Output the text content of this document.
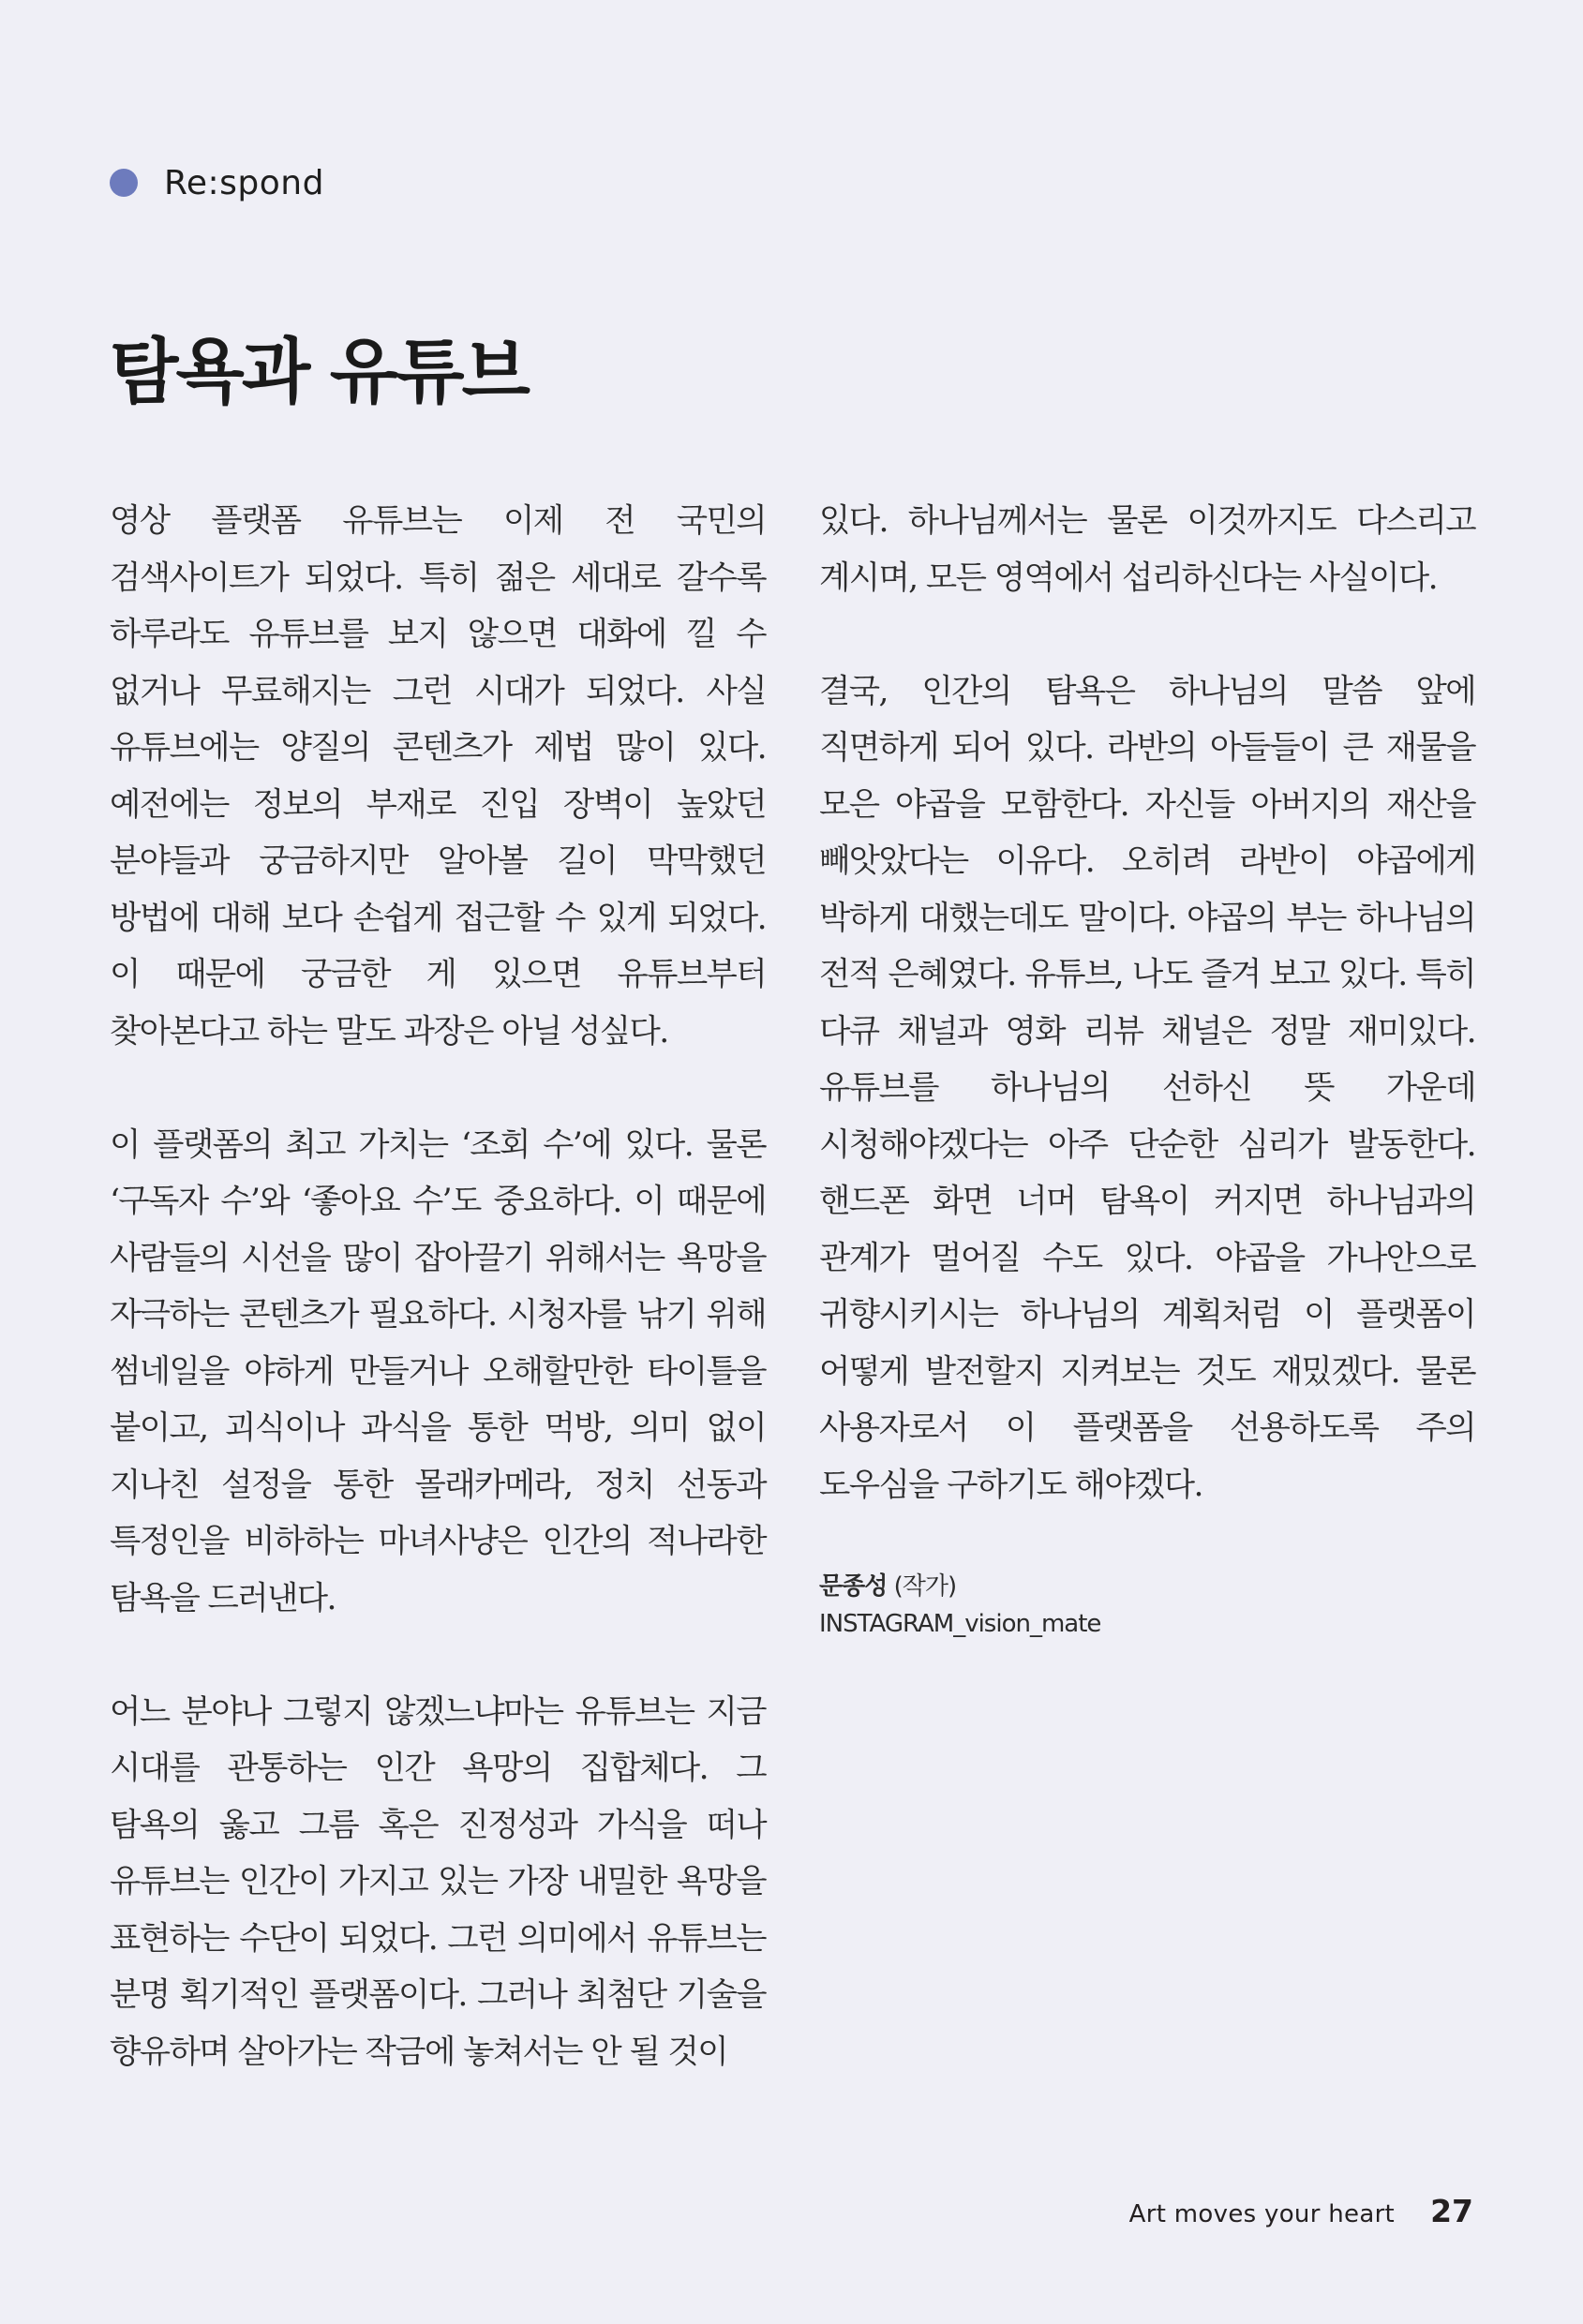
Re:spond
탐욕과 유튜브

영상 플랫폼 유튜브는 이제 전 국민의 검색사이트가 되었다. 특히 젊은 세대로 갈수록 하루라도 유튜브를 보지 않으면 대화에 낄 수 없거나 무료해지는 그런 시대가 되었다. 사실 유튜브에는 양질의 콘텐츠가 제법 많이 있다. 예전에는 정보의 부재로 진입 장벽이 높았던 분야들과 궁금하지만 알아볼 길이 막막했던 방법에 대해 보다 손쉽게 접근할 수 있게 되었다. 이 때문에 궁금한 게 있으면 유튜브부터 찾아본다고 하는 말도 과장은 아닐 성싶다.

이 플랫폼의 최고 가치는 ‘조회 수’에 있다. 물론 ‘구독자 수’와 ‘좋아요 수’도 중요하다. 이 때문에 사람들의 시선을 많이 잡아끌기 위해서는 욕망을 자극하는 콘텐츠가 필요하다. 시청자를 낚기 위해 썸네일을 야하게 만들거나 오해할만한 타이틀을 붙이고, 괴식이나 과식을 통한 먹방, 의미 없이 지나친 설정을 통한 몰래카메라, 정치 선동과 특정인을 비하하는 마녀사냥은 인간의 적나라한 탐욕을 드러낸다.

어느 분야나 그렇지 않겠느냐마는 유튜브는 지금 시대를 관통하는 인간 욕망의 집합체다. 그 탐욕의 옳고 그름 혹은 진정성과 가식을 떠나 유튜브는 인간이 가지고 있는 가장 내밀한 욕망을 표현하는 수단이 되었다. 그런 의미에서 유튜브는 분명 획기적인 플랫폼이다. 그러나 최첨단 기술을 향유하며 살아가는 작금에 놓쳐서는 안 될 것이

있다. 하나님께서는 물론 이것까지도 다스리고 계시며, 모든 영역에서 섭리하신다는 사실이다.

결국, 인간의 탐욕은 하나님의 말씀 앞에 직면하게 되어 있다. 라반의 아들들이 큰 재물을 모은 야곱을 모함한다. 자신들 아버지의 재산을 빼앗았다는 이유다. 오히려 라반이 야곱에게 박하게 대했는데도 말이다. 야곱의 부는 하나님의 전적 은혜였다. 유튜브, 나도 즐겨 보고 있다. 특히 다큐 채널과 영화 리뷰 채널은 정말 재미있다. 유튜브를 하나님의 선하신 뜻 가운데 시청해야겠다는 아주 단순한 심리가 발동한다. 핸드폰 화면 너머 탐욕이 커지면 하나님과의 관계가 멀어질 수도 있다. 야곱을 가나안으로 귀향시키시는 하나님의 계획처럼 이 플랫폼이 어떻게 발전할지 지켜보는 것도 재밌겠다. 물론 사용자로서 이 플랫폼을 선용하도록 주의 도우심을 구하기도 해야겠다.

문종성 (작가)
INSTAGRAM_vision_mate
Art moves your heart 27
